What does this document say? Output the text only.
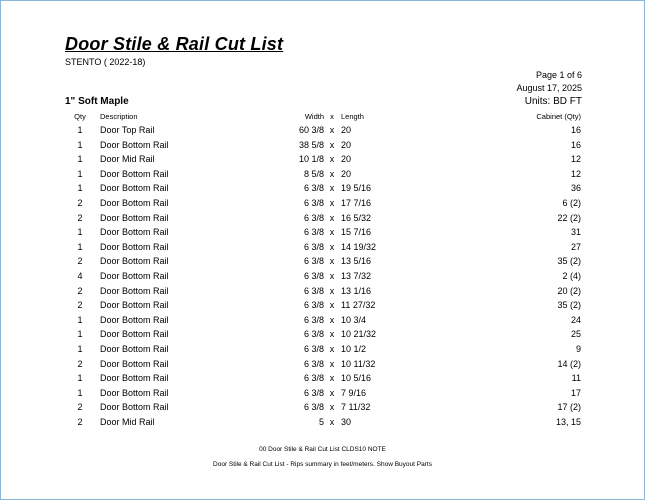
Door Stile & Rail Cut List
STENTO ( 2022-18)
Page 1 of 6
August 17, 2025
Units: BD FT
1" Soft Maple
Qty	Description	Width x Length	Cabinet (Qty)
1	Door Top Rail	60 3/8 x 20	16
1	Door Bottom Rail	38 5/8 x 20	16
1	Door Mid Rail	10 1/8 x 20	12
1	Door Bottom Rail	8 5/8 x 20	12
1	Door Bottom Rail	6 3/8 x 19 5/16	36
2	Door Bottom Rail	6 3/8 x 17 7/16	6 (2)
2	Door Bottom Rail	6 3/8 x 16 5/32	22 (2)
1	Door Bottom Rail	6 3/8 x 15 7/16	31
1	Door Bottom Rail	6 3/8 x 14 19/32	27
2	Door Bottom Rail	6 3/8 x 13 5/16	35 (2)
4	Door Bottom Rail	6 3/8 x 13 7/32	2 (4)
2	Door Bottom Rail	6 3/8 x 13 1/16	20 (2)
2	Door Bottom Rail	6 3/8 x 11 27/32	35 (2)
1	Door Bottom Rail	6 3/8 x 10 3/4	24
1	Door Bottom Rail	6 3/8 x 10 21/32	25
1	Door Bottom Rail	6 3/8 x 10 1/2	9
2	Door Bottom Rail	6 3/8 x 10 11/32	14 (2)
1	Door Bottom Rail	6 3/8 x 10 5/16	11
1	Door Bottom Rail	6 3/8 x 7 9/16	17
2	Door Bottom Rail	6 3/8 x 7 11/32	17 (2)
2	Door Mid Rail	5 x 30	13, 15
00 Door Stile & Rail Cut List CLDS10 NOTE
Door Stile & Rail Cut List - Rips summary in feet/meters. Show Buyout Parts
